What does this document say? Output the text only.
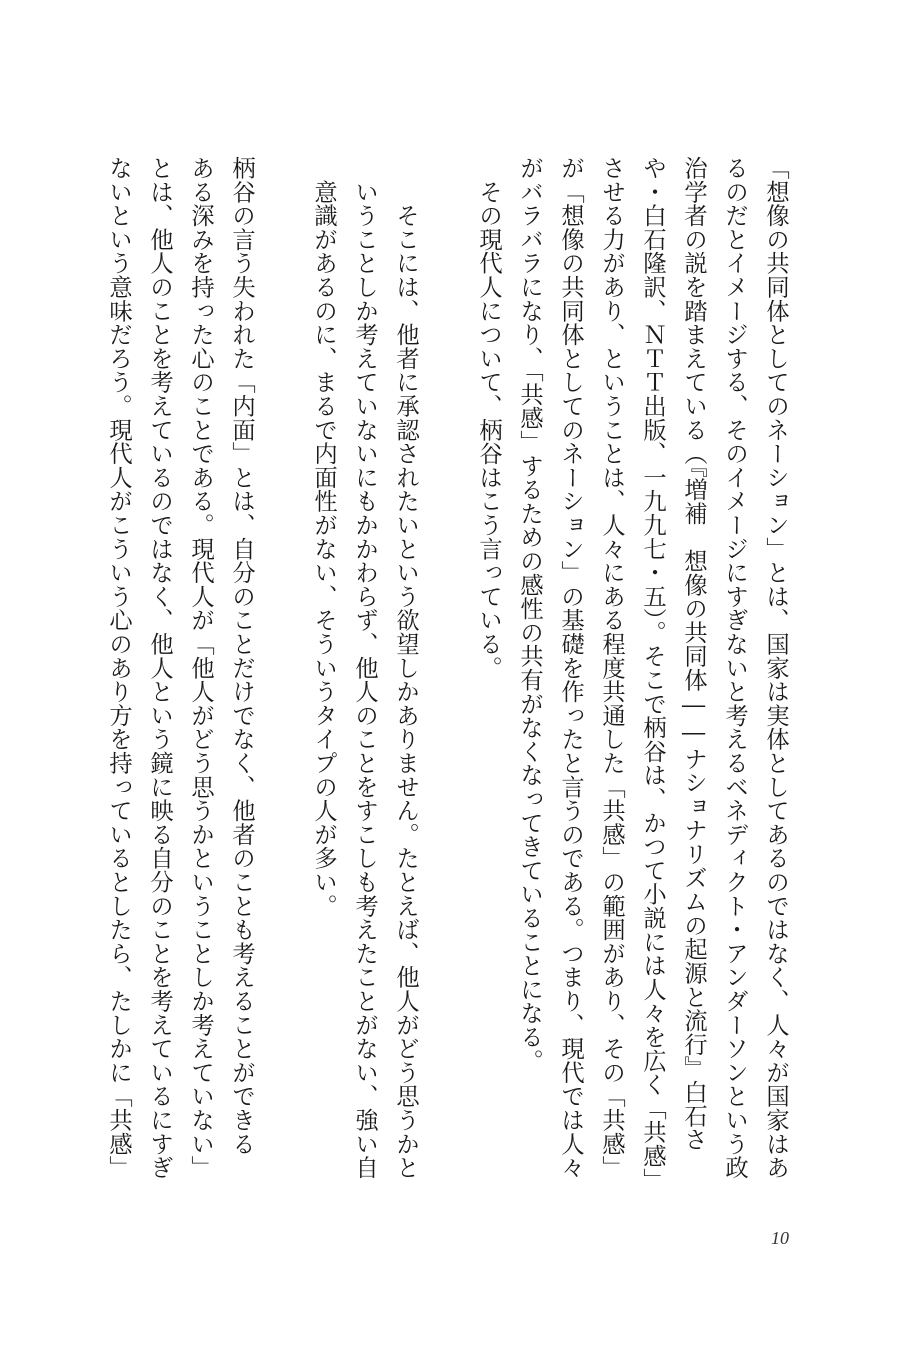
「想像の共同体としてのネーション」とは、国家は実体としてあるのではなく、人々が国家はあ
るのだとイメージする、そのイメージにすぎないと考えるベネディクト・アンダーソンという政
治学者の説を踏まえている（『増補　想像の共同体――ナショナリズムの起源と流行』白石さ
や・白石隆訳、ＮＴＴ出版、一九九七・五）。そこで柄谷は、かつて小説には人々を広く「共感」
させる力があり、ということは、人々にある程度共通した「共感」の範囲があり、その「共感」
が「想像の共同体としてのネーション」の基礎を作ったと言うのである。つまり、現代では人々
がバラバラになり、「共感」するための感性の共有がなくなってきていることになる。
　その現代人について、柄谷はこう言っている。
　　そこには、他者に承認されたいという欲望しかありません。たとえば、他人がどう思うかと
　いうことしか考えていないにもかかわらず、他人のことをすこしも考えたことがない、強い自
　意識があるのに、まるで内面性がない、そういうタイプの人が多い。
柄谷の言う失われた「内面」とは、自分のことだけでなく、他者のことも考えることができる
ある深みを持った心のことである。現代人が「他人がどう思うかということしか考えていない」
とは、他人のことを考えているのではなく、他人という鏡に映る自分のことを考えているにすぎ
ないという意味だろう。現代人がこういう心のあり方を持っているとしたら、たしかに「共感」
10
